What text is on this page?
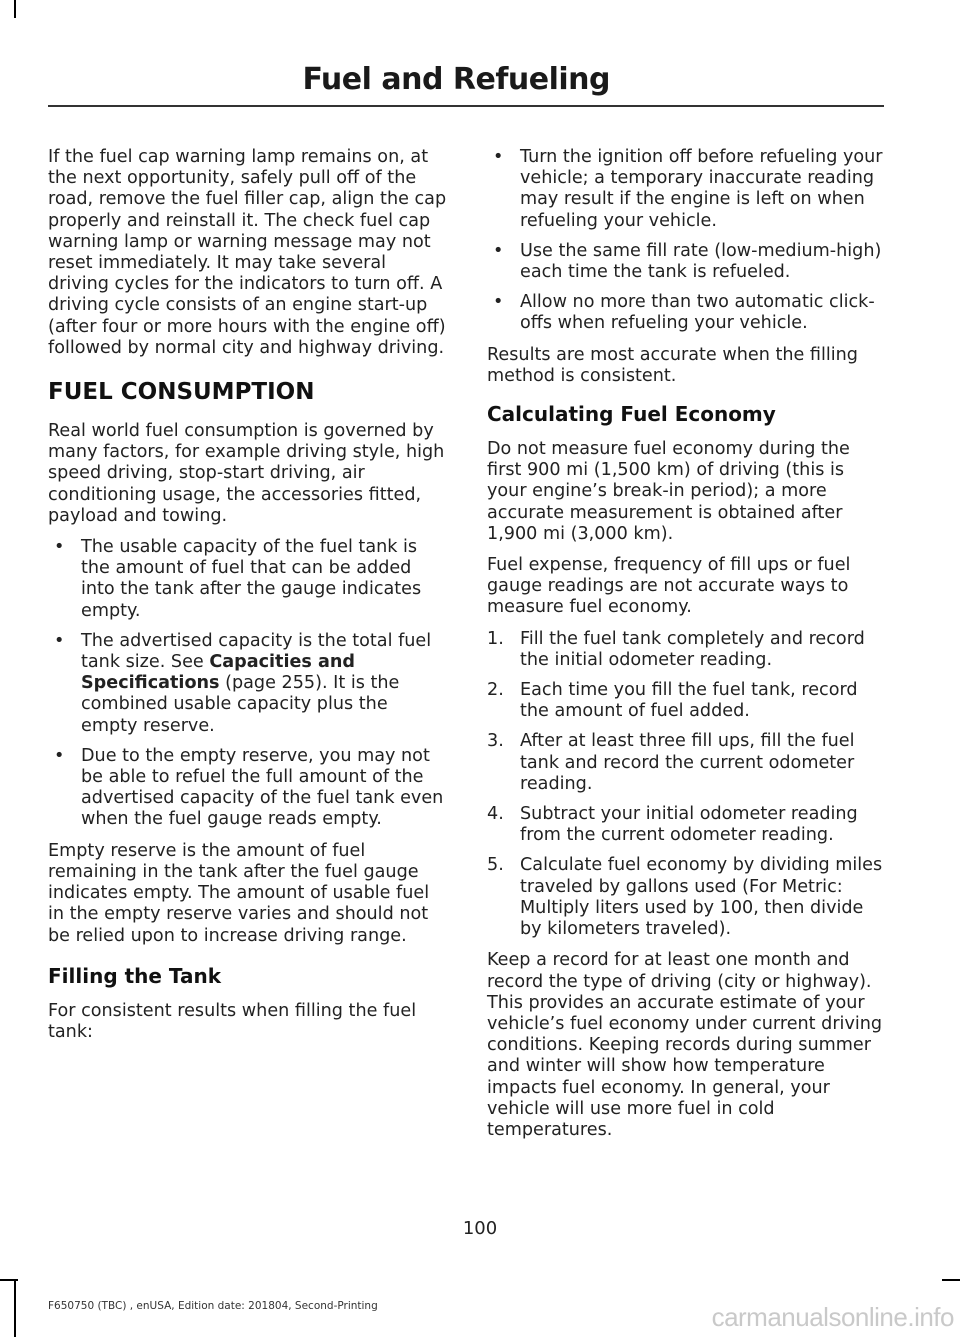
Fuel and Refueling

If the fuel cap warning lamp remains on, at the next opportunity, safely pull off of the road, remove the fuel filler cap, align the cap properly and reinstall it. The check fuel cap warning lamp or warning message may not reset immediately. It may take several driving cycles for the indicators to turn off. A driving cycle consists of an engine start-up (after four or more hours with the engine off) followed by normal city and highway driving.

FUEL CONSUMPTION

Real world fuel consumption is governed by many factors, for example driving style, high speed driving, stop-start driving, air conditioning usage, the accessories fitted, payload and towing.

• The usable capacity of the fuel tank is the amount of fuel that can be added into the tank after the gauge indicates empty.
• The advertised capacity is the total fuel tank size. See Capacities and Specifications (page 255). It is the combined usable capacity plus the empty reserve.
• Due to the empty reserve, you may not be able to refuel the full amount of the advertised capacity of the fuel tank even when the fuel gauge reads empty.

Empty reserve is the amount of fuel remaining in the tank after the fuel gauge indicates empty. The amount of usable fuel in the empty reserve varies and should not be relied upon to increase driving range.

Filling the Tank

For consistent results when filling the fuel tank:

• Turn the ignition off before refueling your vehicle; a temporary inaccurate reading may result if the engine is left on when refueling your vehicle.
• Use the same fill rate (low-medium-high) each time the tank is refueled.
• Allow no more than two automatic click-offs when refueling your vehicle.

Results are most accurate when the filling method is consistent.

Calculating Fuel Economy

Do not measure fuel economy during the first 900 mi (1,500 km) of driving (this is your engine’s break-in period); a more accurate measurement is obtained after 1,900 mi (3,000 km).

Fuel expense, frequency of fill ups or fuel gauge readings are not accurate ways to measure fuel economy.

1. Fill the fuel tank completely and record the initial odometer reading.
2. Each time you fill the fuel tank, record the amount of fuel added.
3. After at least three fill ups, fill the fuel tank and record the current odometer reading.
4. Subtract your initial odometer reading from the current odometer reading.
5. Calculate fuel economy by dividing miles traveled by gallons used (For Metric: Multiply liters used by 100, then divide by kilometers traveled).

Keep a record for at least one month and record the type of driving (city or highway). This provides an accurate estimate of your vehicle’s fuel economy under current driving conditions. Keeping records during summer and winter will show how temperature impacts fuel economy. In general, your vehicle will use more fuel in cold temperatures.

100
F650750 (TBC) , enUSA, Edition date: 201804, Second-Printing	carmanualsonline.info
